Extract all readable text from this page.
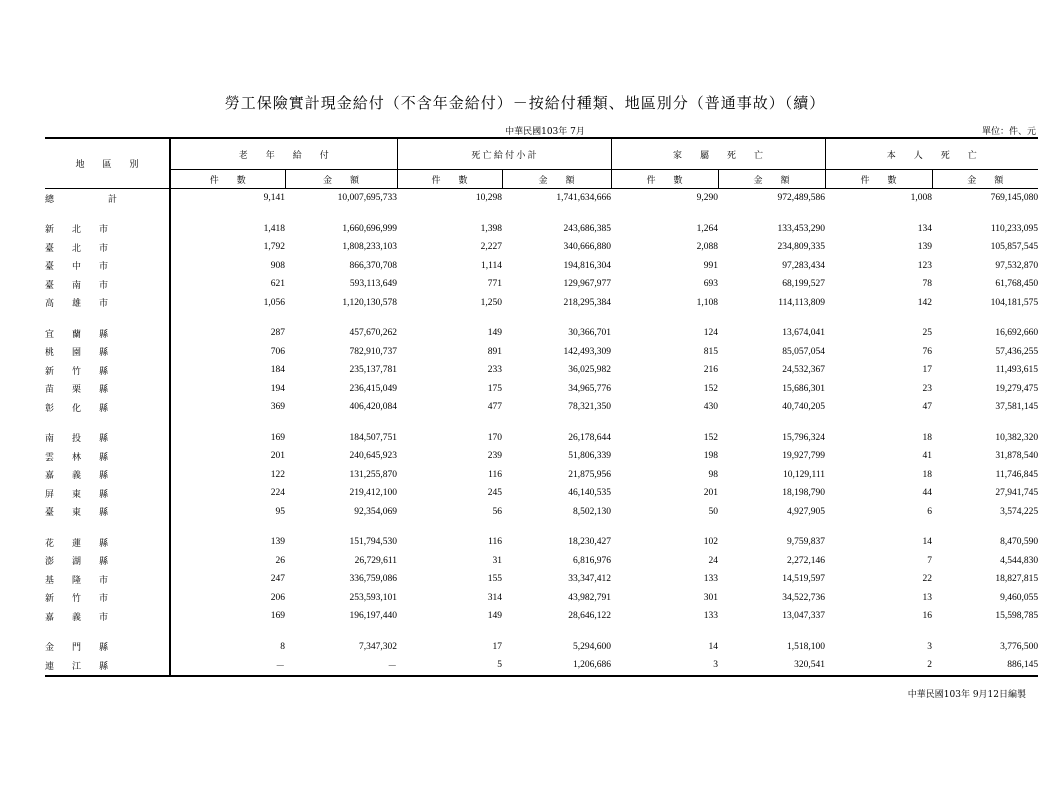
勞工保險實計現金給付（不含年金給付）－按給付種類、地區別分（普通事故）（續）
中華民國103年 7月	單位：件、元
地　　區　　別	老　　年　　給　　付		死 亡 給 付 小 計		家　　屬　　死　　亡		本　　人　　死　　亡	
	件　　數	金　　額	件　　數	金　　額	件　　數	金　　額	件　　數	金　　額
總　　　　　　計	9,141	10,007,695,733	10,298	1,741,634,666	9,290	972,489,586	1,008	769,145,080

新　　北　　市	1,418	1,660,696,999	1,398	243,686,385	1,264	133,453,290	134	110,233,095
臺　　北　　市	1,792	1,808,233,103	2,227	340,666,880	2,088	234,809,335	139	105,857,545
臺　　中　　市	908	866,370,708	1,114	194,816,304	991	97,283,434	123	97,532,870
臺　　南　　市	621	593,113,649	771	129,967,977	693	68,199,527	78	61,768,450
高　　雄　　市	1,056	1,120,130,578	1,250	218,295,384	1,108	114,113,809	142	104,181,575

宜　　蘭　　縣	287	457,670,262	149	30,366,701	124	13,674,041	25	16,692,660
桃　　園　　縣	706	782,910,737	891	142,493,309	815	85,057,054	76	57,436,255
新　　竹　　縣	184	235,137,781	233	36,025,982	216	24,532,367	17	11,493,615
苗　　栗　　縣	194	236,415,049	175	34,965,776	152	15,686,301	23	19,279,475
彰　　化　　縣	369	406,420,084	477	78,321,350	430	40,740,205	47	37,581,145

南　　投　　縣	169	184,507,751	170	26,178,644	152	15,796,324	18	10,382,320
雲　　林　　縣	201	240,645,923	239	51,806,339	198	19,927,799	41	31,878,540
嘉　　義　　縣	122	131,255,870	116	21,875,956	98	10,129,111	18	11,746,845
屏　　東　　縣	224	219,412,100	245	46,140,535	201	18,198,790	44	27,941,745
臺　　東　　縣	95	92,354,069	56	8,502,130	50	4,927,905	6	3,574,225

花　　蓮　　縣	139	151,794,530	116	18,230,427	102	9,759,837	14	8,470,590
澎　　湖　　縣	26	26,729,611	31	6,816,976	24	2,272,146	7	4,544,830
基　　隆　　市	247	336,759,086	155	33,347,412	133	14,519,597	22	18,827,815
新　　竹　　市	206	253,593,101	314	43,982,791	301	34,522,736	13	9,460,055
嘉　　義　　市	169	196,197,440	149	28,646,122	133	13,047,337	16	15,598,785

金　　門　　縣	8	7,347,302	17	5,294,600	14	1,518,100	3	3,776,500
連　　江　　縣	－	－	5	1,206,686	3	320,541	2	886,145
中華民國103年 9月12日編製
